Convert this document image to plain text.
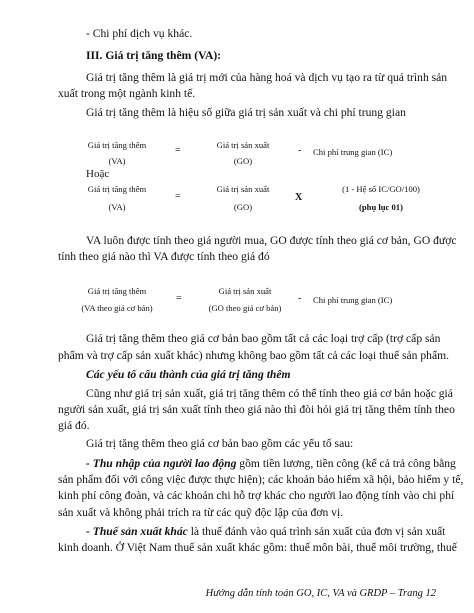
- Chi phí dịch vụ khác.
III. Giá trị tăng thêm (VA):
Giá trị tăng thêm là giá trị mới của hàng hoá và dịch vụ tạo ra từ quá trình sản
xuất trong một ngành kinh tế.
Giá trị tăng thêm là hiệu số giữa giá trị sản xuất và chi phí trung gian
Giá trị tăng thêm
(VA)
=	Giá trị sản xuất
(GO)
- Chi phí trung gian (IC)
Hoặc
Giá trị tăng thêm
(VA)
=
Giá trị sản xuất
(GO)
X
(1 - Hệ số IC/GO/100)
(phụ lục 01)
VA luôn được tính theo giá người mua, GO được tính theo giá cơ bản, GO được
tính theo giá nào thì VA được tính theo giá đó
Giá trị tăng thêm
(VA theo giá cơ bản)
=
Giá trị sản xuất
(GO theo giá cơ bản)
- Chi phí trung gian (IC)
Giá trị tăng thêm theo giá cơ bản bao gồm tất cả các loại trợ cấp (trợ cấp sản
phẩm và trợ cấp sản xuất khác) nhưng không bao gồm tất cả các loại thuế sản phẩm.
Các yếu tố cấu thành của giá trị tăng thêm
Cũng như giá trị sản xuất, giá trị tăng thêm có thể tính theo giá cơ bản hoặc giá
người sản xuất, giá trị sản xuất tính theo giá nào thì đòi hỏi giá trị tăng thêm tính theo
giá đó.
Giá trị tăng thêm theo giá cơ bản bao gồm các yếu tố sau:
- Thu nhập của người lao động gồm tiền lương, tiền công (kể cả trả công bằng
sản phẩm đối với công việc được thực hiện); các khoản bảo hiểm xã hội, bảo hiểm y tế,
kinh phí công đoàn, và các khoản chi hỗ trợ khác cho người lao động tính vào chi phí
sản xuất và không phải trích ra từ các quỹ độc lập của đơn vị.
- Thuế sản xuất khác là thuế đánh vào quá trình sản xuất của đơn vị sản xuất
kinh doanh. Ở Việt Nam thuế sản xuất khác gồm: thuế môn bài, thuế môi trường, thuế
Hướng dẫn tính toán GO, IC, VA và GRDP – Trang 12
